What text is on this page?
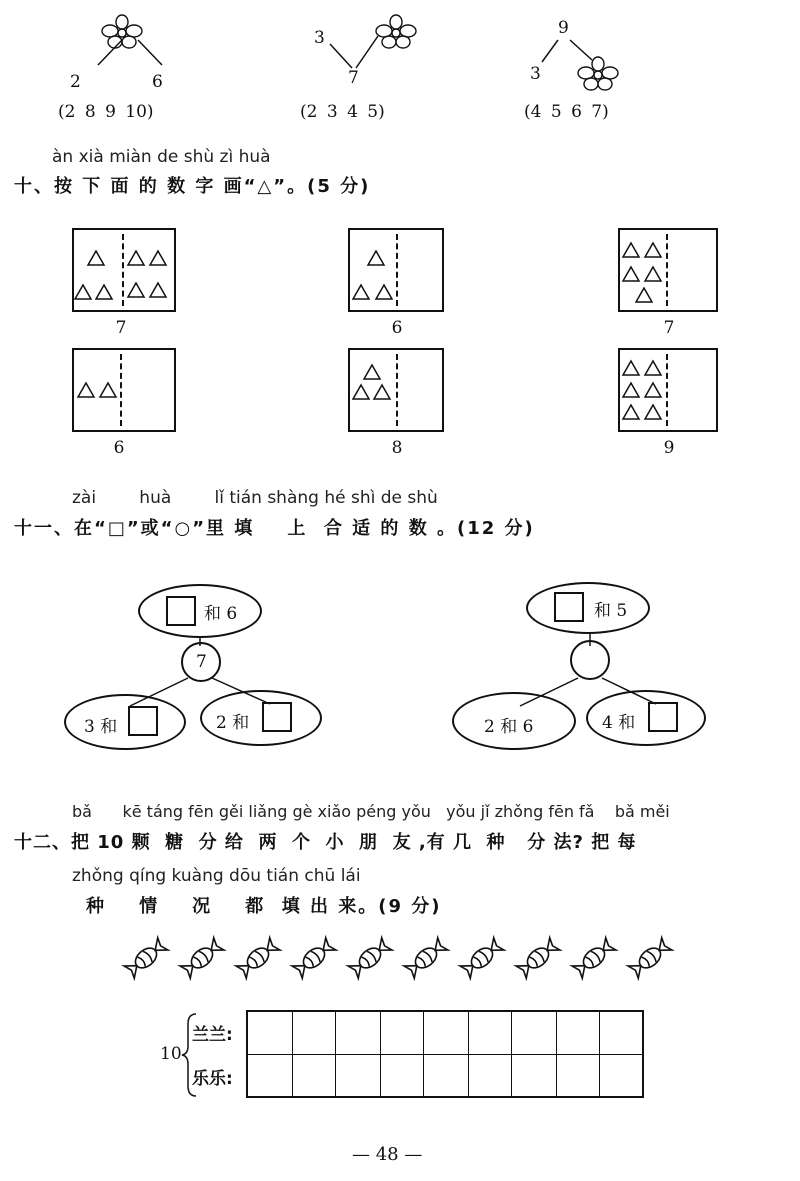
2	6
(2 8 9 10)
3
7
(2 3 4 5)
9
3
(4 5 6 7)
àn xià miàn de shù zì huà
十、按 下 面 的 数 字 画“△”。(5 分)
7	6	7
6	8	9
zài        huà        lǐ tián shàng hé shì de shù
十一、在“□”或“○”里 填    上  合 适 的 数 。(12 分)
和 6
7
3 和	2 和
和 5
2 和 6	4 和
bǎ      kē táng fēn gěi liǎng gè xiǎo péng yǒu   yǒu jǐ zhǒng fēn fǎ    bǎ měi
十二、把 10 颗  糖  分 给  两  个  小  朋  友 ,有 几  种   分 法? 把 每
zhǒng qíng kuàng dōu tián chū lái
种    情    况    都  填 出 来。(9 分)
10
兰兰:
乐乐:

— 48 —
